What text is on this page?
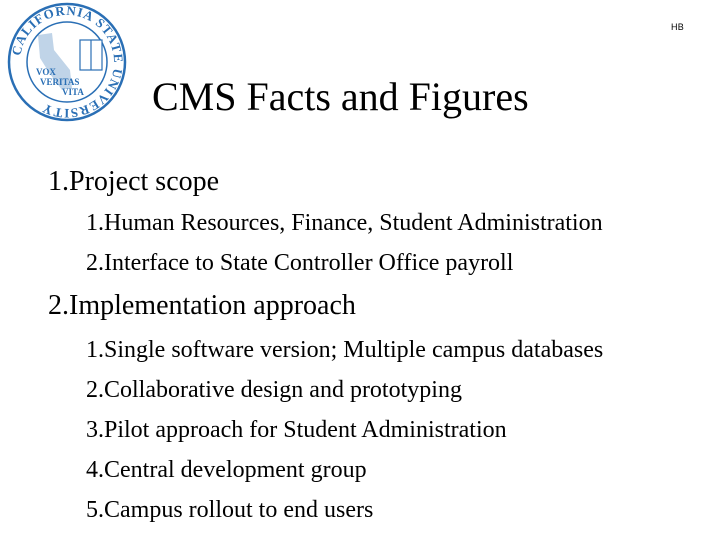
CALIFORNIA STATE UNIVERSITY
VOX
VERITAS
VITA
HB
CMS Facts and Figures
1. Project scope
1. Human Resources, Finance, Student Administration
2. Interface to State Controller Office payroll
2. Implementation approach
1. Single software version; Multiple campus databases
2. Collaborative design and prototyping
3. Pilot approach for Student Administration
4. Central development group
5. Campus rollout to end users
